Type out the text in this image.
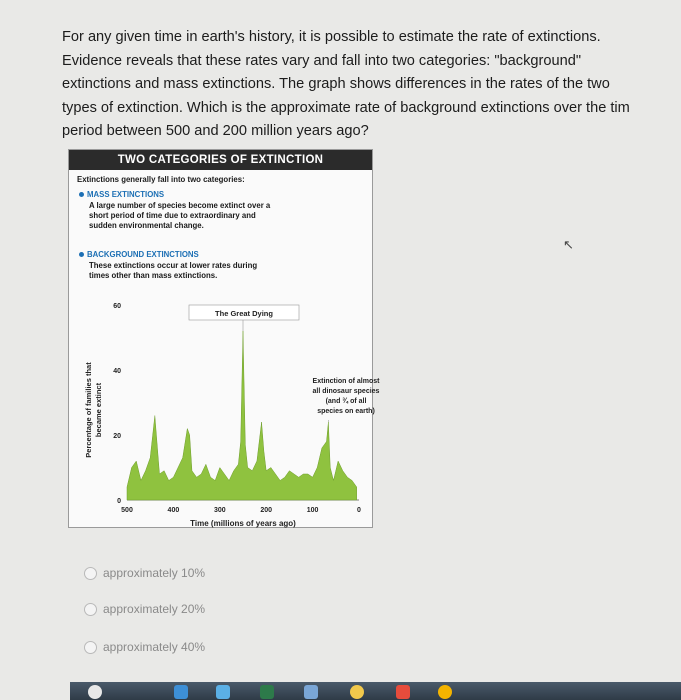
For any given time in earth's history, it is possible to estimate the rate of extinctions.
Evidence reveals that these rates vary and fall into two categories: "background"
extinctions and mass extinctions. The graph shows differences in the rates of the two
types of extinction. Which is the approximate rate of background extinctions over the tim
period between 500 and 200 million years ago?
TWO CATEGORIES OF EXTINCTION
Extinctions generally fall into two categories:
MASS EXTINCTIONS
A large number of species become extinct over a
short period of time due to extraordinary and
sudden environmental change.
BACKGROUND EXTINCTIONS
These extinctions occur at lower rates during
times other than mass extinctions.
500	400	300	200	100	0
0
20
40
60
Time (millions of years ago)
Percentage of families that became extinct
The Great Dying
Extinction of almost
all dinosaur species
(and ¾ of all
species on earth)
approximately 10%
approximately 20%
approximately 40%
↖
